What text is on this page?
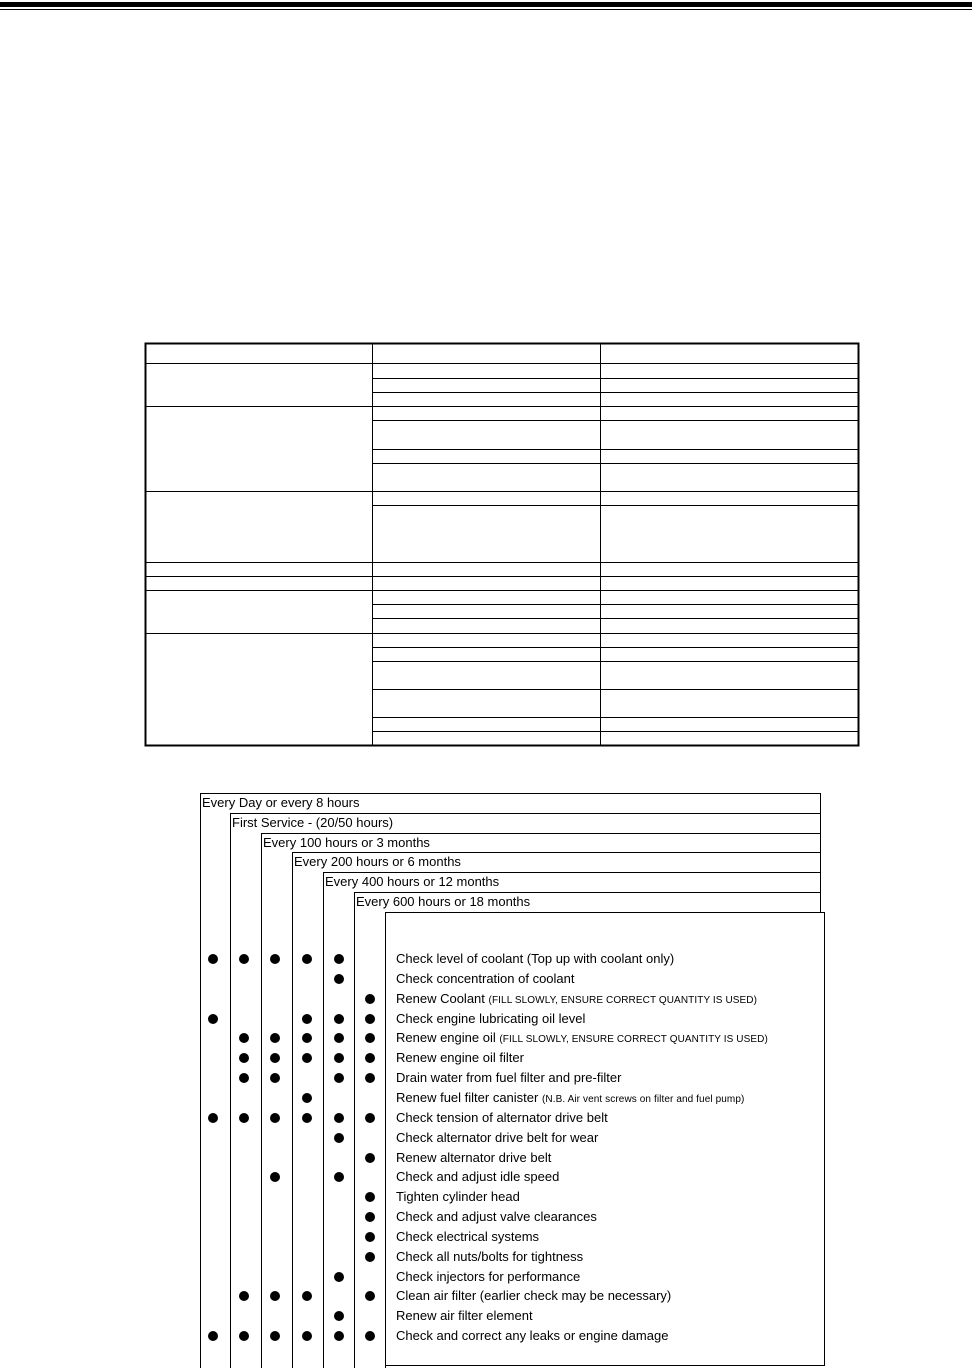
Every Day or every 8 hours
First Service - (20/50 hours)
Every 100 hours or 3 months
Every 200 hours or 6 months
Every 400 hours or 12 months
Every 600 hours or 18 months
Check level of coolant (Top up with coolant only)
Check concentration of coolant
Renew Coolant (FILL SLOWLY, ENSURE CORRECT QUANTITY IS USED)
Check engine lubricating oil level
Renew engine oil (FILL SLOWLY, ENSURE CORRECT QUANTITY IS USED)
Renew engine oil filter
Drain water from fuel filter and pre-filter
Renew fuel filter canister (N.B. Air vent screws on filter and fuel pump)
Check tension of alternator drive belt
Check alternator drive belt for wear
Renew alternator drive belt
Check and adjust idle speed
Tighten cylinder head
Check and adjust valve clearances
Check electrical systems
Check all nuts/bolts for tightness
Check injectors for performance
Clean air filter (earlier check may be necessary)
Renew air filter element
Check and correct any leaks or engine damage
